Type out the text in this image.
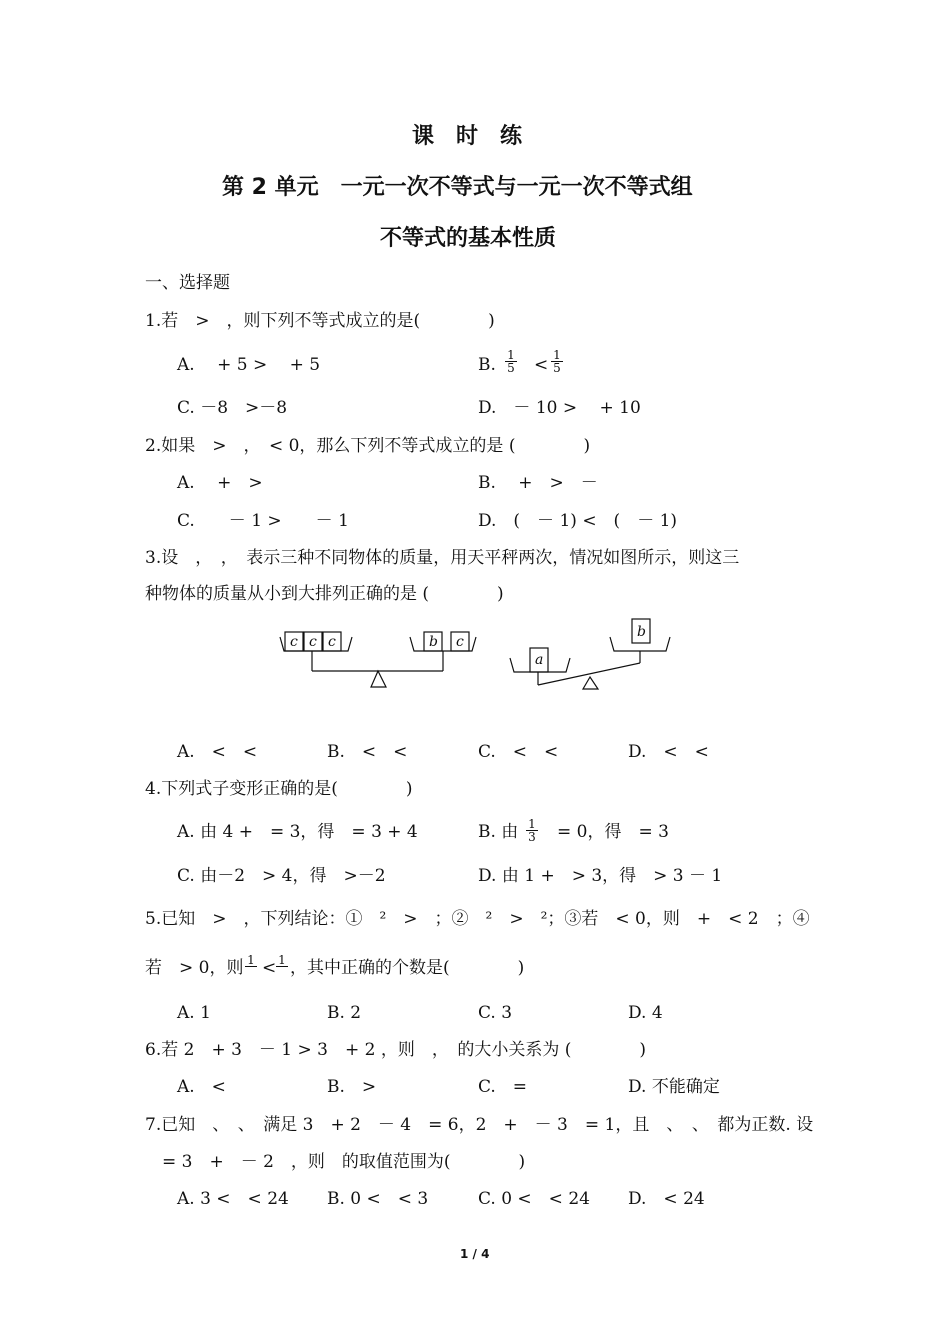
课　时　练
第 2 单元　一元一次不等式与一元一次不等式组
不等式的基本性质
一、选择题
1.若　>　，则下列不等式成立的是(　　　　)
A.　 + 5 >　 + 5	B. $\frac{1}{5} < \frac{1}{5}$
C. －8　>－8	D.　－ 10 >　 + 10
2.如果　>　，　< 0，那么下列不等式成立的是 (　　　　)
A.　 +　>	B.　 +　>　－
C.　　－ 1 >　　－ 1	D.　(　－ 1) <　(　－ 1)
3.设　，　，　表示三种不同物体的质量，用天平秤两次，情况如图所示，则这三
种物体的质量从小到大排列正确的是 (　　　　)
c c c	b c
a
b
A.　<　<	B.　<　<	C.　<　<	D.　<　<
4.下列式子变形正确的是(　　　　)
A. 由 4 +　= 3，得　= 3 + 4	B. 由 $\frac{1}{3}$ 　= 0，得　= 3
C. 由－2　> 4，得　>－2	D. 由 1 +　> 3，得　> 3 － 1
5.已知　>　，下列结论：①　²　>　；②　²　>　²；③若　< 0，则　+　< 2　；④
若　> 0，则 1 < 1 ，其中正确的个数是(　　　　)
A. 1	B. 2	C. 3	D. 4
6.若 2　+ 3　－ 1 > 3　+ 2 ，则　，　的大小关系为 (　　　　)
A.　<	B.　>	C.　=	D. 不能确定
7.已知　、　、　满足 3　+ 2　－ 4　= 6，2　+　－ 3　= 1，且　、　、　都为正数. 设
　= 3　+　－ 2　，则　的取值范围为(　　　　)
A. 3 <　< 24 B. 0 <　< 3	C. 0 <　< 24 D.　< 24
1 / 4
